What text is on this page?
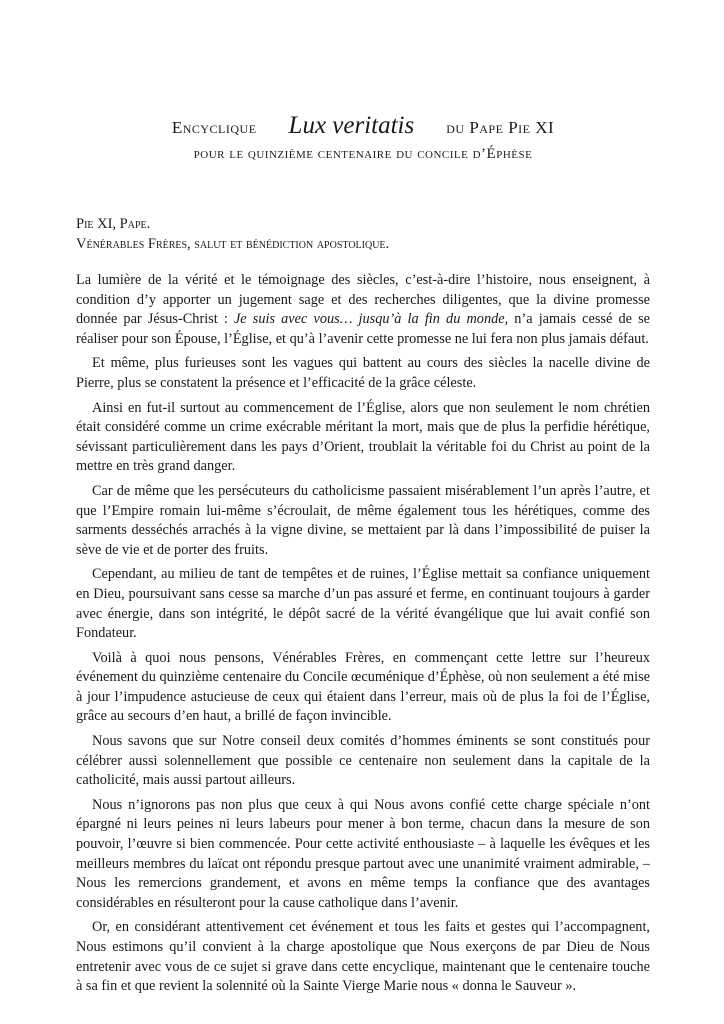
Encyclique Lux veritatis du Pape Pie XI
pour le quinzième centenaire du concile d’Éphèse
Pie XI, Pape.
Vénérables Frères, salut et bénédiction apostolique.

La lumière de la vérité et le témoignage des siècles, c’est-à-dire l’histoire, nous enseignent, à condition d’y apporter un jugement sage et des recherches diligentes, que la divine promesse donnée par Jésus-Christ : Je suis avec vous… jusqu’à la fin du monde, n’a jamais cessé de se réaliser pour son Épouse, l’Église, et qu’à l’avenir cette promesse ne lui fera non plus jamais défaut.

Et même, plus furieuses sont les vagues qui battent au cours des siècles la nacelle divine de Pierre, plus se constatent la présence et l’efficacité de la grâce céleste.

Ainsi en fut-il surtout au commencement de l’Église, alors que non seulement le nom chrétien était considéré comme un crime exécrable méritant la mort, mais que de plus la perfidie hérétique, sévissant particulièrement dans les pays d’Orient, troublait la véritable foi du Christ au point de la mettre en très grand danger.

Car de même que les persécuteurs du catholicisme passaient misérablement l’un après l’autre, et que l’Empire romain lui-même s’écroulait, de même également tous les hérétiques, comme des sarments desséchés arrachés à la vigne divine, se mettaient par là dans l’impossibilité de puiser la sève de vie et de porter des fruits.

Cependant, au milieu de tant de tempêtes et de ruines, l’Église mettait sa confiance uniquement en Dieu, poursuivant sans cesse sa marche d’un pas assuré et ferme, en continuant toujours à garder avec énergie, dans son intégrité, le dépôt sacré de la vérité évangélique que lui avait confié son Fondateur.

Voilà à quoi nous pensons, Vénérables Frères, en commençant cette lettre sur l’heureux événement du quinzième centenaire du Concile œcuménique d’Éphèse, où non seulement a été mise à jour l’impudence astucieuse de ceux qui étaient dans l’erreur, mais où de plus la foi de l’Église, grâce au secours d’en haut, a brillé de façon invincible.

Nous savons que sur Notre conseil deux comités d’hommes éminents se sont constitués pour célébrer aussi solennellement que possible ce centenaire non seulement dans la capitale de la catholicité, mais aussi partout ailleurs.

Nous n’ignorons pas non plus que ceux à qui Nous avons confié cette charge spéciale n’ont épargné ni leurs peines ni leurs labeurs pour mener à bon terme, chacun dans la mesure de son pouvoir, l’œuvre si bien commencée. Pour cette activité enthousiaste – à laquelle les évêques et les meilleurs membres du laïcat ont répondu presque partout avec une unanimité vraiment admirable, – Nous les remercions grandement, et avons en même temps la confiance que des avantages considérables en résulteront pour la cause catholique dans l’avenir.

Or, en considérant attentivement cet événement et tous les faits et gestes qui l’accompagnent, Nous estimons qu’il convient à la charge apostolique que Nous exerçons de par Dieu de Nous entretenir avec vous de ce sujet si grave dans cette encyclique, maintenant que le centenaire touche à sa fin et que revient la solennité où la Sainte Vierge Marie nous « donna le Sauveur ».
